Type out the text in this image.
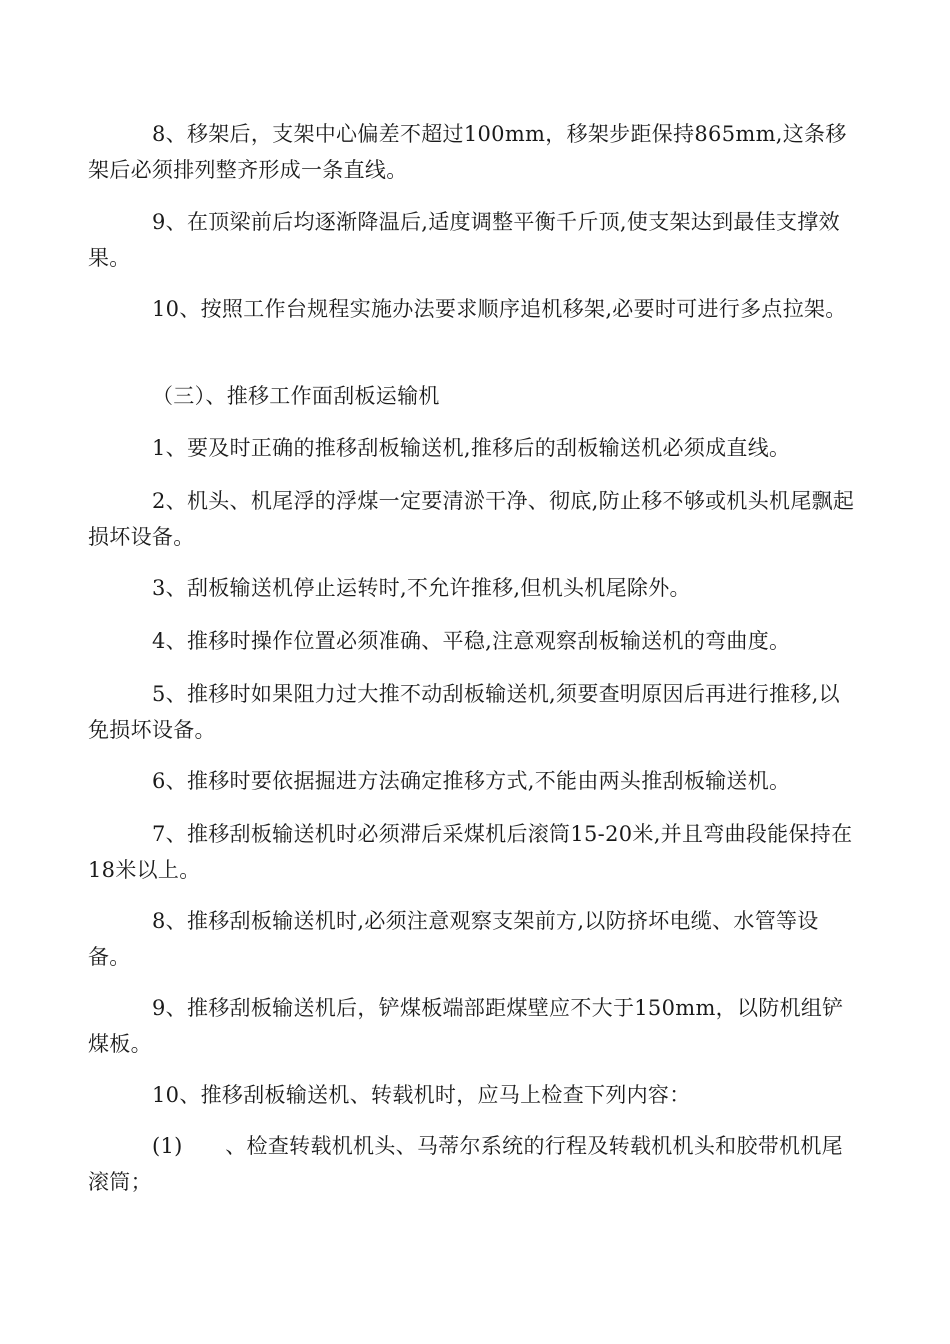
8、移架后，支架中心偏差不超过100mm，移架步距保持865mm,这条移架后必须排列整齐形成一条直线。

9、在顶梁前后均逐渐降温后,适度调整平衡千斤顶,使支架达到最佳支撑效果。

10、按照工作台规程实施办法要求顺序追机移架,必要时可进行多点拉架。

（三）、推移工作面刮板运输机

1、要及时正确的推移刮板输送机,推移后的刮板输送机必须成直线。

2、机头、机尾浮的浮煤一定要清淤干净、彻底,防止移不够或机头机尾飘起损坏设备。

3、刮板输送机停止运转时,不允许推移,但机头机尾除外。

4、推移时操作位置必须准确、平稳,注意观察刮板输送机的弯曲度。

5、推移时如果阻力过大推不动刮板输送机,须要查明原因后再进行推移,以免损坏设备。

6、推移时要依据掘进方法确定推移方式,不能由两头推刮板输送机。

7、推移刮板输送机时必须滞后采煤机后滚筒15-20米,并且弯曲段能保持在18米以上。

8、推移刮板输送机时,必须注意观察支架前方,以防挤坏电缆、水管等设备。

9、推移刮板输送机后，铲煤板端部距煤壁应不大于150mm，以防机组铲煤板。

10、推移刮板输送机、转载机时，应马上检查下列内容：

(1)　　、检查转载机机头、马蒂尔系统的行程及转载机机头和胶带机机尾滚筒；
